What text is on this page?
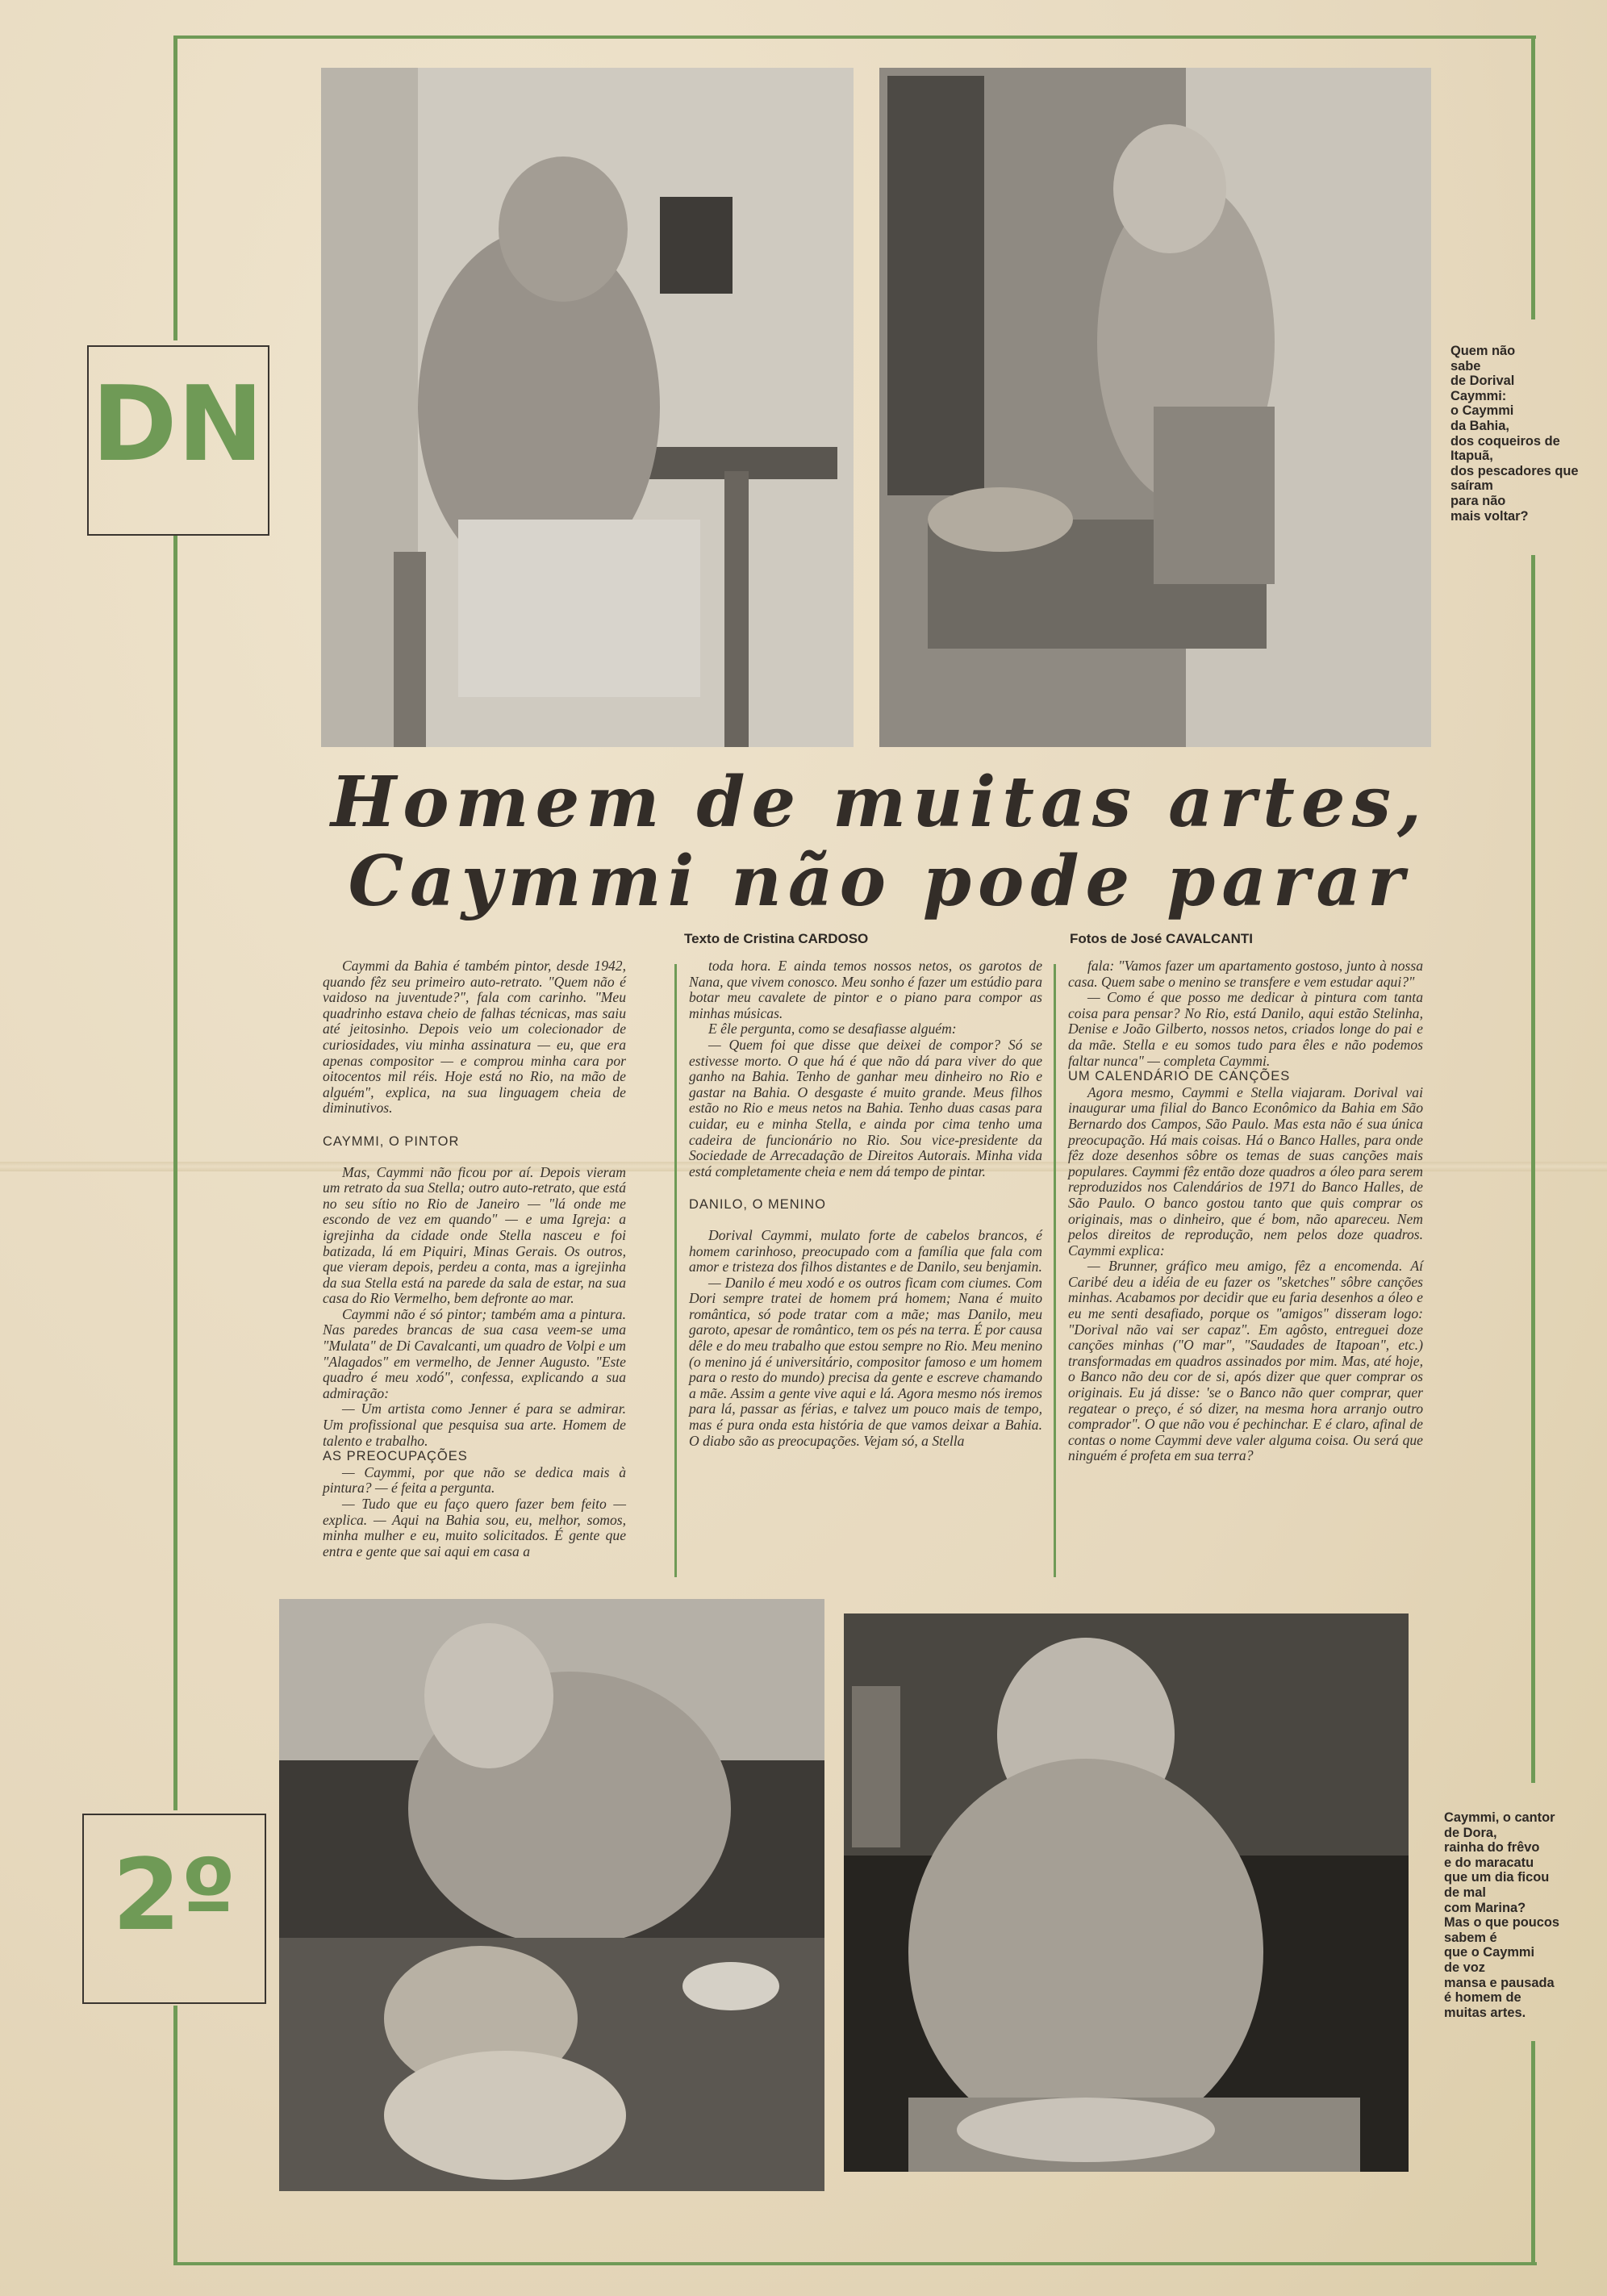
DN
2º
Quem não
sabe
de Dorival
Caymmi:
o Caymmi
da Bahia,
dos coqueiros de
Itapuã,
dos pescadores que
saíram
para não
mais voltar?
Caymmi, o cantor
de Dora,
rainha do frêvo
e do maracatu
que um dia ficou
de mal
com Marina?
Mas o que poucos
sabem é
que o Caymmi
de voz
mansa e pausada
é homem de
muitas artes.
Homem de muitas artes,
Caymmi não pode parar
Texto de Cristina CARDOSO	Fotos de José CAVALCANTI

Caymmi da Bahia é também pintor, desde 1942, quando fêz seu primeiro auto-retrato. "Quem não é vaidoso na juventude?", fala com carinho. "Meu quadrinho estava cheio de falhas técnicas, mas saiu até jeitosinho. Depois veio um colecionador de curiosidades, viu minha assinatura — eu, que era apenas compositor — e comprou minha cara por oitocentos mil réis. Hoje está no Rio, na mão de alguém", explica, na sua linguagem cheia de diminutivos.

CAYMMI, O PINTOR

Mas, Caymmi não ficou por aí. Depois vieram um retrato da sua Stella; outro auto-retrato, que está no seu sítio no Rio de Janeiro — "lá onde me escondo de vez em quando" — e uma Igreja: a igrejinha da cidade onde Stella nasceu e foi batizada, lá em Piquiri, Minas Gerais. Os outros, que vieram depois, perdeu a conta, mas a igrejinha da sua Stella está na parede da sala de estar, na sua casa do Rio Vermelho, bem defronte ao mar.

Caymmi não é só pintor; também ama a pintura. Nas paredes brancas de sua casa veem-se uma "Mulata" de Di Cavalcanti, um quadro de Volpi e um "Alagados" em vermelho, de Jenner Augusto. "Este quadro é meu xodó", confessa, explicando a sua admiração:

— Um artista como Jenner é para se admirar. Um profissional que pesquisa sua arte. Homem de talento e trabalho.

AS PREOCUPAÇÕES

— Caymmi, por que não se dedica mais à pintura? — é feita a pergunta.

— Tudo que eu faço quero fazer bem feito — explica. — Aqui na Bahia sou, eu, melhor, somos, minha mulher e eu, muito solicitados. É gente que entra e gente que sai aqui em casa a

toda hora. E ainda temos nossos netos, os garotos de Nana, que vivem conosco. Meu sonho é fazer um estúdio para botar meu cavalete de pintor e o piano para compor as minhas músicas.

E êle pergunta, como se desafiasse alguém:

— Quem foi que disse que deixei de compor? Só se estivesse morto. O que há é que não dá para viver do que ganho na Bahia. Tenho de ganhar meu dinheiro no Rio e gastar na Bahia. O desgaste é muito grande. Meus filhos estão no Rio e meus netos na Bahia. Tenho duas casas para cuidar, eu e minha Stella, e ainda por cima tenho uma cadeira de funcionário no Rio. Sou vice-presidente da Sociedade de Arrecadação de Direitos Autorais. Minha vida está completamente cheia e nem dá tempo de pintar.

DANILO, O MENINO

Dorival Caymmi, mulato forte de cabelos brancos, é homem carinhoso, preocupado com a família que fala com amor e tristeza dos filhos distantes e de Danilo, seu benjamin.

— Danilo é meu xodó e os outros ficam com ciumes. Com Dori sempre tratei de homem prá homem; Nana é muito romântica, só pode tratar com a mãe; mas Danilo, meu garoto, apesar de romântico, tem os pés na terra. É por causa dêle e do meu trabalho que estou sempre no Rio. Meu menino (o menino já é universitário, compositor famoso e um homem para o resto do mundo) precisa da gente e escreve chamando a mãe. Assim a gente vive aqui e lá. Agora mesmo nós iremos para lá, passar as férias, e talvez um pouco mais de tempo, mas é pura onda esta história de que vamos deixar a Bahia. O diabo são as preocupações. Vejam só, a Stella

fala: "Vamos fazer um apartamento gostoso, junto à nossa casa. Quem sabe o menino se transfere e vem estudar aqui?"

— Como é que posso me dedicar à pintura com tanta coisa para pensar? No Rio, está Danilo, aqui estão Stelinha, Denise e João Gilberto, nossos netos, criados longe do pai e da mãe. Stella e eu somos tudo para êles e não podemos faltar nunca" — completa Caymmi.

UM CALENDÁRIO DE CANÇÕES

Agora mesmo, Caymmi e Stella viajaram. Dorival vai inaugurar uma filial do Banco Econômico da Bahia em São Bernardo dos Campos, São Paulo. Mas esta não é sua única preocupação. Há mais coisas. Há o Banco Halles, para onde fêz doze desenhos sôbre os temas de suas canções mais populares. Caymmi fêz então doze quadros a óleo para serem reproduzidos nos Calendários de 1971 do Banco Halles, de São Paulo. O banco gostou tanto que quis comprar os originais, mas o dinheiro, que é bom, não apareceu. Nem pelos direitos de reprodução, nem pelos doze quadros. Caymmi explica:

— Brunner, gráfico meu amigo, fêz a encomenda. Aí Caribé deu a idéia de eu fazer os "sketches" sôbre canções minhas. Acabamos por decidir que eu faria desenhos a óleo e eu me senti desafiado, porque os "amigos" disseram logo: "Dorival não vai ser capaz". Em agôsto, entreguei doze canções minhas ("O mar", "Saudades de Itapoan", etc.) transformadas em quadros assinados por mim. Mas, até hoje, o Banco não deu cor de si, após dizer que quer comprar os originais. Eu já disse: 'se o Banco não quer comprar, quer regatear o preço, é só dizer, na mesma hora arranjo outro comprador". O que não vou é pechinchar. E é claro, afinal de contas o nome Caymmi deve valer alguma coisa. Ou será que ninguém é profeta em sua terra?
